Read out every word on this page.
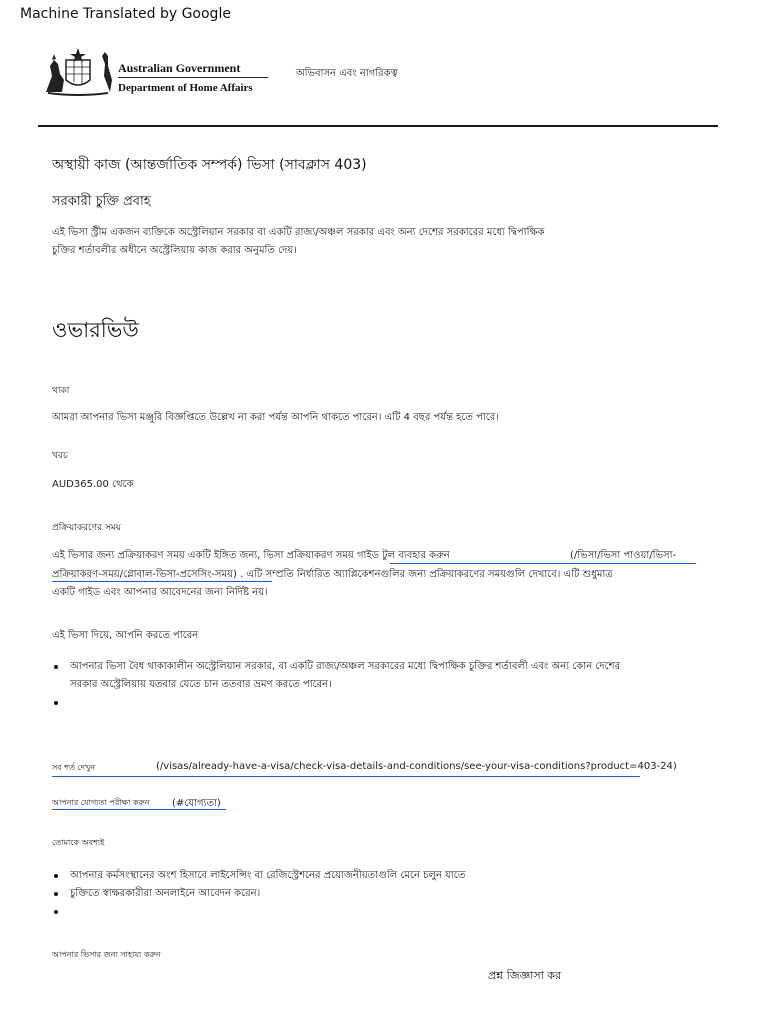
Machine Translated by Google
Australian Government
Department of Home Affairs
অভিবাসন এবং নাগরিকত্ব
অস্থায়ী কাজ (আন্তর্জাতিক সম্পর্ক) ভিসা (সাবক্লাস 403)
সরকারী চুক্তি প্রবাহ
এই ভিসা স্ট্রীম একজন ব্যক্তিকে অস্ট্রেলিয়ান সরকার বা একটি রাজ্য/অঞ্চল সরকার এবং অন্য দেশের সরকারের মধ্যে দ্বিপাক্ষিক
চুক্তির শর্তাবলীর অধীনে অস্ট্রেলিয়ায় কাজ করার অনুমতি দেয়।
ওভারভিউ
থাকা
আমরা আপনার ভিসা মঞ্জুরি বিজ্ঞপ্তিতে উল্লেখ না করা পর্যন্ত আপনি থাকতে পারেন। এটি 4 বছর পর্যন্ত হতে পারে।
খরচ
AUD365.00 থেকে
প্রক্রিয়াকরণের সময়
এই ভিসার জন্য প্রক্রিয়াকরণ সময় একটি ইঙ্গিত জন্য, ভিসা প্রক্রিয়াকরণ সময় গাইড টুল ব্যবহার করুন	(/ভিসা/ভিসা পাওয়া/ভিসা-
প্রক্রিয়াকরণ-সময়/গ্লোবাল-ভিসা-প্রসেসিং-সময়) . এটি সম্প্রতি নির্ধারিত অ্যাপ্লিকেশনগুলির জন্য প্রক্রিয়াকরণের সময়গুলি দেখাবে। এটি শুধুমাত্র
একটি গাইড এবং আপনার আবেদনের জন্য নির্দিষ্ট নয়।
এই ভিসা দিয়ে, আপনি করতে পারেন
আপনার ভিসা বৈধ থাকাকালীন অস্ট্রেলিয়ান সরকার, বা একটি রাজ্য/অঞ্চল সরকারের মধ্যে দ্বিপাক্ষিক চুক্তির শর্তাবলী এবং অন্য কোন দেশের
সরকার অস্ট্রেলিয়ায় যতবার যেতে চান ততবার ভ্রমণ করতে পারেন।
সব শর্ত দেখুন	(/visas/already-have-a-visa/check-visa-details-and-conditions/see-your-visa-conditions?product=403-24)
আপনার যোগ্যতা পরীক্ষা করুন (#যোগ্যতা)
তোমাকে অবশ্যই
আপনার কর্মসংস্থানের অংশ হিসাবে লাইসেন্সিং বা রেজিস্ট্রেশনের প্রয়োজনীয়তাগুলি মেনে চলুন যাতে
চুক্তিতে স্বাক্ষরকারীরা অনলাইনে আবেদন করেন।
আপনার ভিসার জন্য সাহায্য করুন
প্রশ্ন জিজ্ঞাসা কর
